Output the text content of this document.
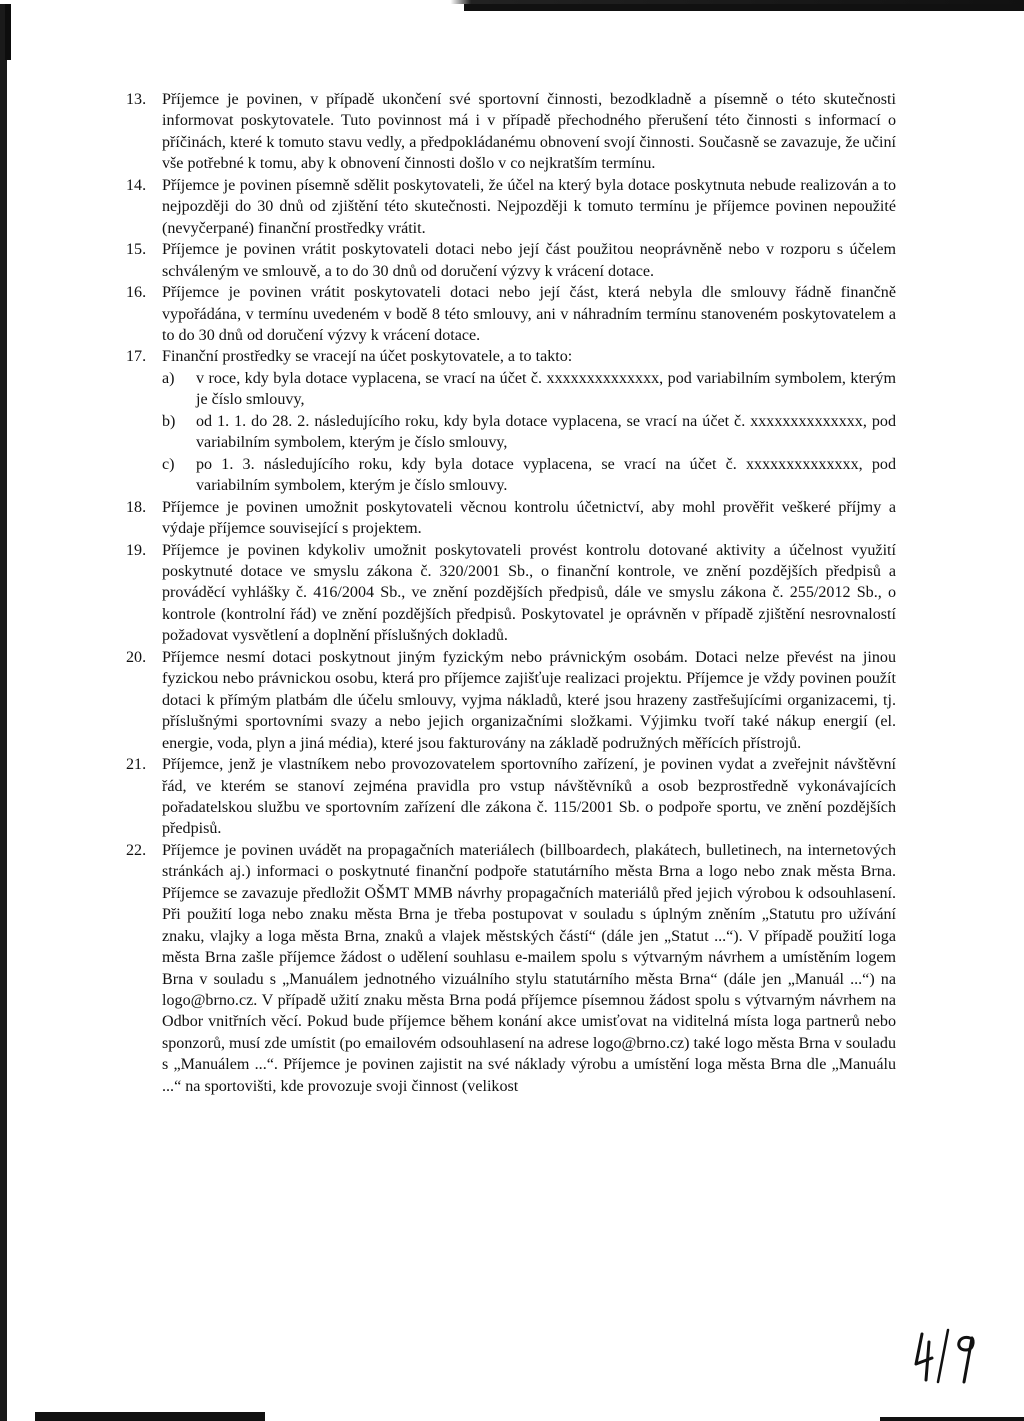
13. Příjemce je povinen, v případě ukončení své sportovní činnosti, bezodkladně a písemně o této skutečnosti informovat poskytovatele. Tuto povinnost má i v případě přechodného přerušení této činnosti s informací o příčinách, které k tomuto stavu vedly, a předpokládanému obnovení svojí činnosti. Současně se zavazuje, že učiní vše potřebné k tomu, aby k obnovení činnosti došlo v co nejkratším termínu.

14. Příjemce je povinen písemně sdělit poskytovateli, že účel na který byla dotace poskytnuta nebude realizován a to nejpozději do 30 dnů od zjištění této skutečnosti. Nejpozději k tomuto termínu je příjemce povinen nepoužité (nevyčerpané) finanční prostředky vrátit.

15. Příjemce je povinen vrátit poskytovateli dotaci nebo její část použitou neoprávněně nebo v rozporu s účelem schváleným ve smlouvě, a to do 30 dnů od doručení výzvy k vrácení dotace.

16. Příjemce je povinen vrátit poskytovateli dotaci nebo její část, která nebyla dle smlouvy řádně finančně vypořádána, v termínu uvedeném v bodě 8 této smlouvy, ani v náhradním termínu stanoveném poskytovatelem a to do 30 dnů od doručení výzvy k vrácení dotace.

17. Finanční prostředky se vracejí na účet poskytovatele, a to takto:

a) v roce, kdy byla dotace vyplacena, se vrací na účet č. xxxxxxxxxxxxxx, pod variabilním symbolem, kterým je číslo smlouvy,
b) od 1. 1. do 28. 2. následujícího roku, kdy byla dotace vyplacena, se vrací na účet č. xxxxxxxxxxxxxx, pod variabilním symbolem, kterým je číslo smlouvy,
c) po 1. 3. následujícího roku, kdy byla dotace vyplacena, se vrací na účet č. xxxxxxxxxxxxxx, pod variabilním symbolem, kterým je číslo smlouvy.
18. Příjemce je povinen umožnit poskytovateli věcnou kontrolu účetnictví, aby mohl prověřit veškeré příjmy a výdaje příjemce související s projektem.

19. Příjemce je povinen kdykoliv umožnit poskytovateli provést kontrolu dotované aktivity a účelnost využití poskytnuté dotace ve smyslu zákona č. 320/2001 Sb., o finanční kontrole, ve znění pozdějších předpisů a prováděcí vyhlášky č. 416/2004 Sb., ve znění pozdějších předpisů, dále ve smyslu zákona č. 255/2012 Sb., o kontrole (kontrolní řád) ve znění pozdějších předpisů. Poskytovatel je oprávněn v případě zjištění nesrovnalostí požadovat vysvětlení a doplnění příslušných dokladů.

20. Příjemce nesmí dotaci poskytnout jiným fyzickým nebo právnickým osobám. Dotaci nelze převést na jinou fyzickou nebo právnickou osobu, která pro příjemce zajišťuje realizaci projektu. Příjemce je vždy povinen použít dotaci k přímým platbám dle účelu smlouvy, vyjma nákladů, které jsou hrazeny zastřešujícími organizacemi, tj. příslušnými sportovními svazy a nebo jejich organizačními složkami. Výjimku tvoří také nákup energií (el. energie, voda, plyn a jiná média), které jsou fakturovány na základě podružných měřících přístrojů.

21. Příjemce, jenž je vlastníkem nebo provozovatelem sportovního zařízení, je povinen vydat a zveřejnit návštěvní řád, ve kterém se stanoví zejména pravidla pro vstup návštěvníků a osob bezprostředně vykonávajících pořadatelskou službu ve sportovním zařízení dle zákona č. 115/2001 Sb. o podpoře sportu, ve znění pozdějších předpisů.

22. Příjemce je povinen uvádět na propagačních materiálech (billboardech, plakátech, bulletinech, na internetových stránkách aj.) informaci o poskytnuté finanční podpoře statutárního města Brna a logo nebo znak města Brna. Příjemce se zavazuje předložit OŠMT MMB návrhy propagačních materiálů před jejich výrobou k odsouhlasení. Při použití loga nebo znaku města Brna je třeba postupovat v souladu s úplným zněním „Statutu pro užívání znaku, vlajky a loga města Brna, znaků a vlajek městských částí“ (dále jen „Statut ...“). V případě použití loga města Brna zašle příjemce žádost o udělení souhlasu e-mailem spolu s výtvarným návrhem a umístěním logem Brna v souladu s „Manuálem jednotného vizuálního stylu statutárního města Brna“ (dále jen „Manuál ...“) na logo@brno.cz. V případě užití znaku města Brna podá příjemce písemnou žádost spolu s výtvarným návrhem na Odbor vnitřních věcí. Pokud bude příjemce během konání akce umisťovat na viditelná místa loga partnerů nebo sponzorů, musí zde umístit (po emailovém odsouhlasení na adrese logo@brno.cz) také logo města Brna v souladu s „Manuálem ...“. Příjemce je povinen zajistit na své náklady výrobu a umístění loga města Brna dle „Manuálu ...“ na sportovišti, kde provozuje svoji činnost (velikost
